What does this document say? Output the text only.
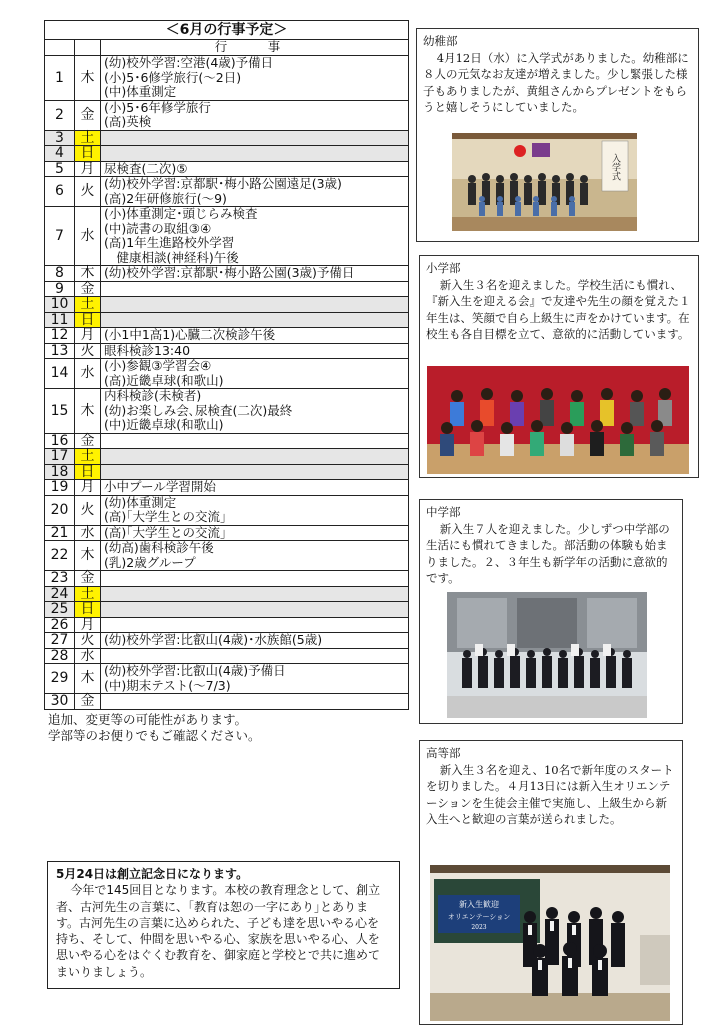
＜6月の行事予定＞		
		行　事
1	木	(幼)校外学習:空港(4歳)予備日
(小)5･6修学旅行(～2日)
(中)体重測定
2	金	(小)5･6年修学旅行
(高)英検
3	土	
4	日	
5	月	尿検査(二次)⑤
6	火	(幼)校外学習:京都駅･梅小路公園遠足(3歳)
(高)2年研修旅行(～9)
7	水	(小)体重測定･頭じらみ検査
(中)読書の取組③④
(高)1年生進路校外学習
　健康相談(神経科)午後
8	木	(幼)校外学習:京都駅･梅小路公園(3歳)予備日
9	金	
10	土	
11	日	
12	月	(小1中1高1)心臓二次検診午後
13	火	眼科検診13:40
14	水	(小)参観③学習会④
(高)近畿卓球(和歌山)
15	木	内科検診(未検者)
(幼)お楽しみ会､尿検査(二次)最終
(中)近畿卓球(和歌山)
16	金	
17	土	
18	日	
19	月	小中プール学習開始
20	火	(幼)体重測定
(高)｢大学生との交流｣
21	水	(高)｢大学生との交流｣
22	木	(幼高)歯科検診午後
(乳)2歳グループ
23	金	
24	土	
25	日	
26	月	
27	火	(幼)校外学習:比叡山(4歳)･水族館(5歳)
28	水	
29	木	(幼)校外学習:比叡山(4歳)予備日
(中)期末テスト(～7/3)
30	金	
追加、変更等の可能性があります。
学部等のお便りでもご確認ください。
5月24日は創立記念日になります。

今年で145回目となります。本校の教育理念として、創立者、古河先生の言葉に、｢教育は恕の一字にあり｣とあります。古河先生の言葉に込められた、子ども達を思いやる心を持ち、そして、仲間を思いやる心、家族を思いやる心、人を思いやる心をはぐくむ教育を、御家庭と学校とで共に進めてまいりましょう。

幼稚部

4月12日（水）に入学式がありました。幼稚部に８人の元気なお友達が増えました。少し緊張した様子もありましたが、黄組さんからプレゼントをもらうと嬉しそうにしていました。

入学式

小学部

新入生３名を迎えました。学校生活にも慣れ、『新入生を迎える会』で友達や先生の顔を覚えた１年生は、笑顔で自ら上級生に声をかけています。在校生も各自目標を立て、意欲的に活動しています。

中学部

新入生７人を迎えました。少しずつ中学部の生活にも慣れてきました。部活動の体験も始まりました。２、３年生も新学年の活動に意欲的です。

高等部

新入生３名を迎え、10名で新年度のスタートを切りました。４月13日には新入生オリエンテーションを生徒会主催で実施し、上級生から新入生へと歓迎の言葉が送られました。

新入生歓迎
オリエンテーション
2023
